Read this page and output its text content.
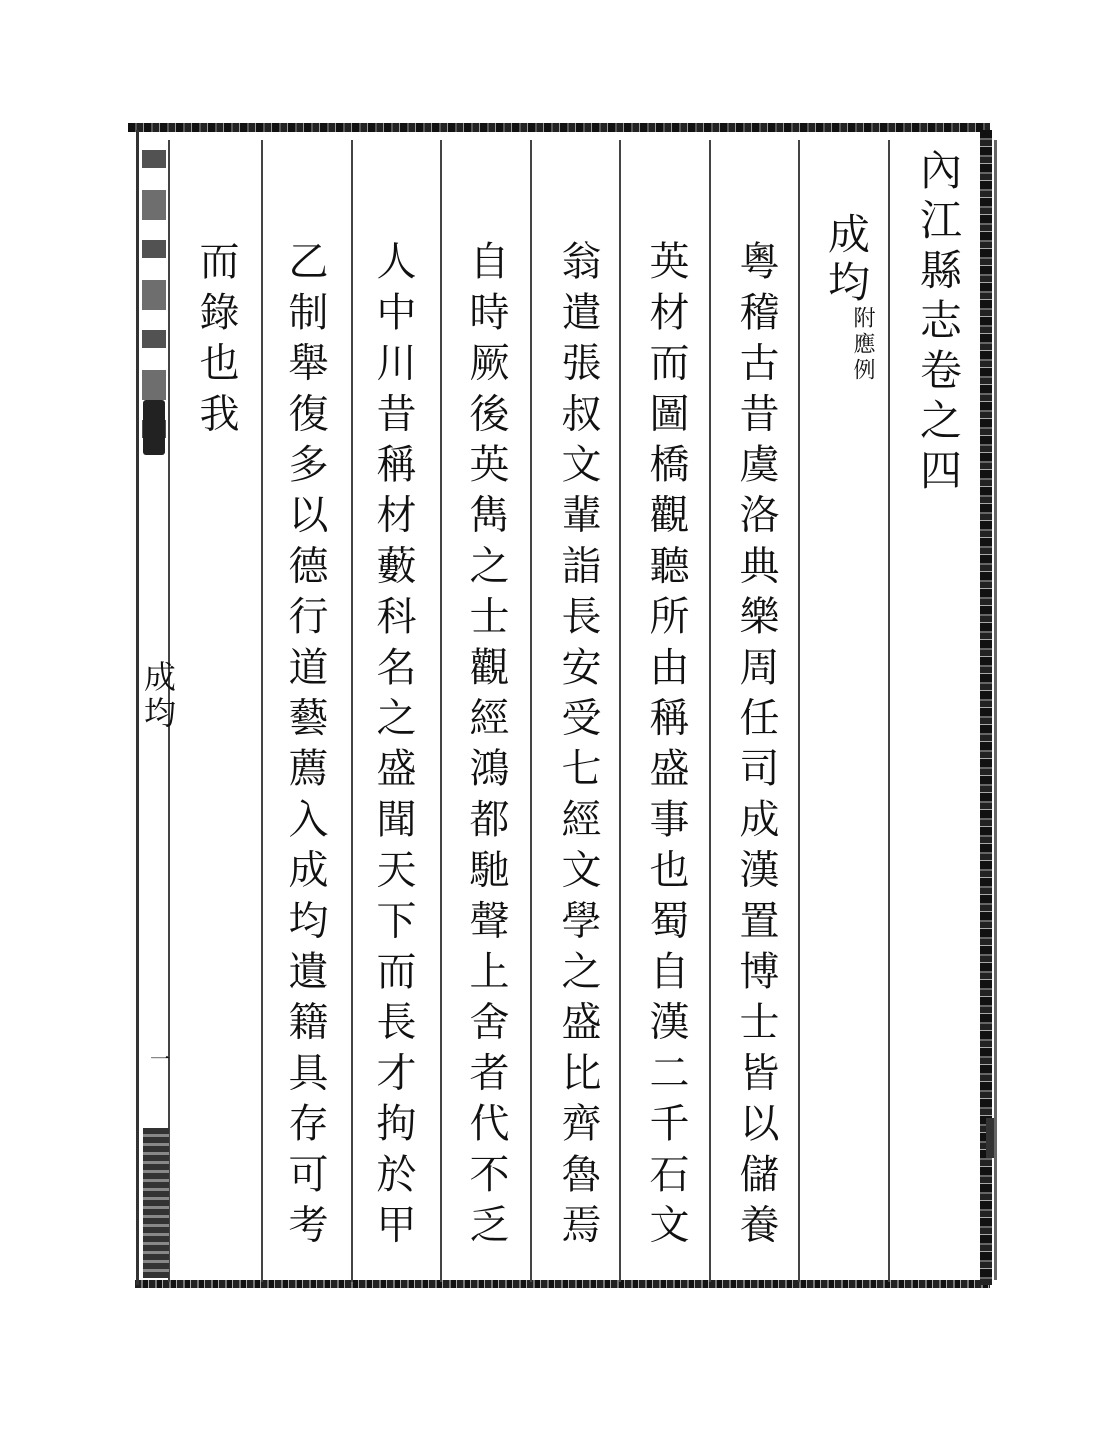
內江縣志卷之四
成均
附應例
粵稽古昔虞洛典樂周任司成漢置博士皆以儲養
英材而圖橋觀聽所由稱盛事也蜀自漢二千石文
翁遣張叔文輩詣長安受七經文學之盛比齊魯焉
自時厥後英雋之士觀經鴻都馳聲上舍者代不乏
人中川昔稱材藪科名之盛聞天下而長才拘於甲
乙制舉復多以德行道藝薦入成均遺籍具存可考
而錄也我
成均
一
